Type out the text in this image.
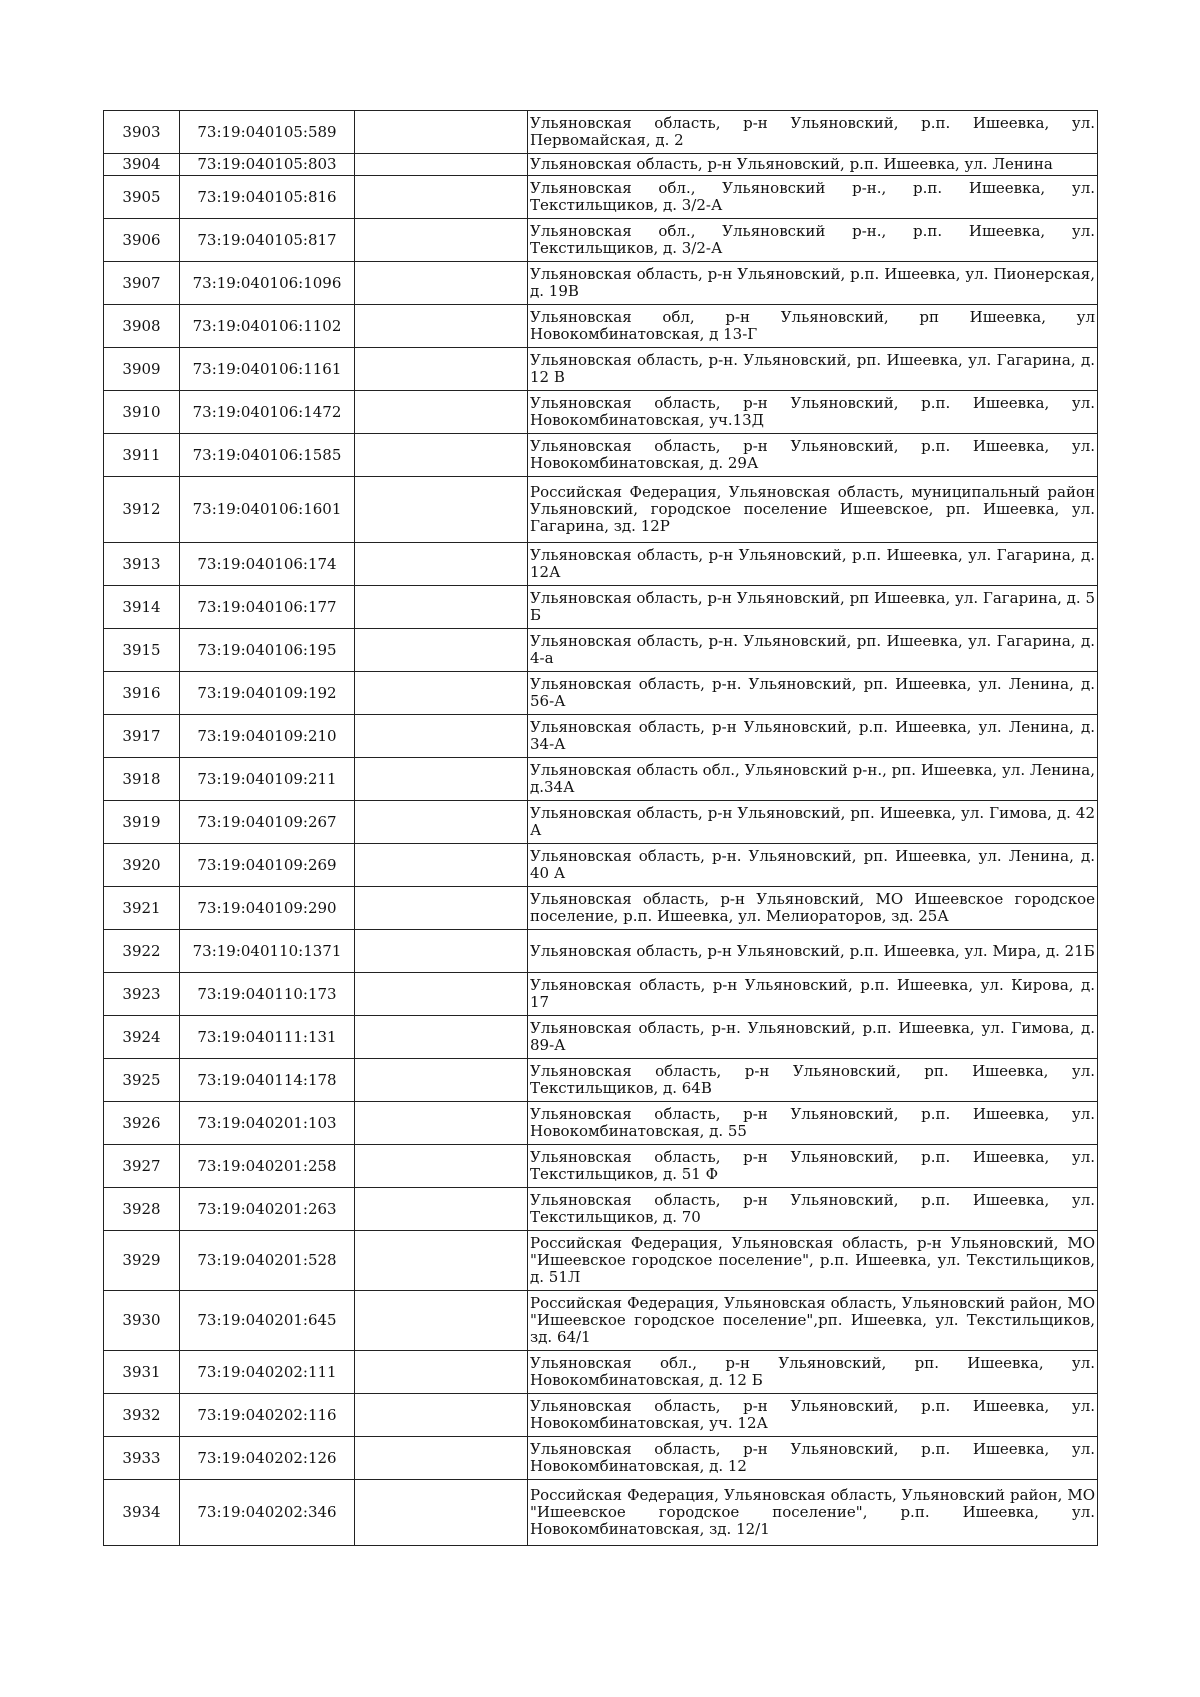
3903	73:19:040105:589		Ульяновская область, р-н Ульяновский, р.п. Ишеевка, ул. Первомайская, д. 2
3904	73:19:040105:803		Ульяновская область, р-н Ульяновский, р.п. Ишеевка, ул. Ленина
3905	73:19:040105:816		Ульяновская обл., Ульяновский р-н., р.п. Ишеевка, ул. Текстильщиков, д. 3/2-А
3906	73:19:040105:817		Ульяновская обл., Ульяновский р-н., р.п. Ишеевка, ул. Текстильщиков, д. 3/2-А
3907	73:19:040106:1096		Ульяновская область, р-н Ульяновский, р.п. Ишеевка, ул. Пионерская, д. 19В
3908	73:19:040106:1102		Ульяновская обл, р-н Ульяновский, рп Ишеевка, ул Новокомбинатовская, д 13-Г
3909	73:19:040106:1161		Ульяновская область, р-н. Ульяновский, рп. Ишеевка, ул. Гагарина, д. 12 В
3910	73:19:040106:1472		Ульяновская область, р-н Ульяновский, р.п. Ишеевка, ул. Новокомбинатовская, уч.13Д
3911	73:19:040106:1585		Ульяновская область, р-н Ульяновский, р.п. Ишеевка, ул. Новокомбинатовская, д. 29А
3912	73:19:040106:1601		Российская Федерация, Ульяновская область, муниципальный район Ульяновский, городское поселение Ишеевское, рп. Ишеевка, ул. Гагарина, зд. 12Р
3913	73:19:040106:174		Ульяновская область, р-н Ульяновский, р.п. Ишеевка, ул. Гагарина, д. 12А
3914	73:19:040106:177		Ульяновская область, р-н Ульяновский, рп Ишеевка, ул. Гагарина, д. 5 Б
3915	73:19:040106:195		Ульяновская область, р-н. Ульяновский, рп. Ишеевка, ул. Гагарина, д. 4-а
3916	73:19:040109:192		Ульяновская область, р-н. Ульяновский, рп. Ишеевка, ул. Ленина, д. 56-А
3917	73:19:040109:210		Ульяновская область, р-н Ульяновский, р.п. Ишеевка, ул. Ленина, д. 34-А
3918	73:19:040109:211		Ульяновская область обл., Ульяновский р-н., рп. Ишеевка, ул. Ленина, д.34А
3919	73:19:040109:267		Ульяновская область, р-н Ульяновский, рп. Ишеевка, ул. Гимова, д. 42 А
3920	73:19:040109:269		Ульяновская область, р-н. Ульяновский, рп. Ишеевка, ул. Ленина, д. 40 А
3921	73:19:040109:290		Ульяновская область, р-н Ульяновский, МО Ишеевское городское поселение, р.п. Ишеевка, ул. Мелиораторов, зд. 25А
3922	73:19:040110:1371		Ульяновская область, р-н Ульяновский, р.п. Ишеевка, ул. Мира, д. 21Б
3923	73:19:040110:173		Ульяновская область, р-н Ульяновский, р.п. Ишеевка, ул. Кирова, д. 17
3924	73:19:040111:131		Ульяновская область, р-н. Ульяновский, р.п. Ишеевка, ул. Гимова, д. 89-А
3925	73:19:040114:178		Ульяновская область, р-н Ульяновский, рп. Ишеевка, ул. Текстильщиков, д. 64В
3926	73:19:040201:103		Ульяновская область, р-н Ульяновский, р.п. Ишеевка, ул. Новокомбинатовская, д. 55
3927	73:19:040201:258		Ульяновская область, р-н Ульяновский, р.п. Ишеевка, ул. Текстильщиков, д. 51 Ф
3928	73:19:040201:263		Ульяновская область, р-н Ульяновский, р.п. Ишеевка, ул. Текстильщиков, д. 70
3929	73:19:040201:528		Российская Федерация, Ульяновская область, р-н Ульяновский, МО "Ишеевское городское поселение", р.п. Ишеевка, ул. Текстильщиков, д. 51Л
3930	73:19:040201:645		Российская Федерация, Ульяновская область, Ульяновский район, МО "Ишеевское городское поселение",рп. Ишеевка, ул. Текстильщиков, зд. 64/1
3931	73:19:040202:111		Ульяновская обл., р-н Ульяновский, рп. Ишеевка, ул. Новокомбинатовская, д. 12 Б
3932	73:19:040202:116		Ульяновская область, р-н Ульяновский, р.п. Ишеевка, ул. Новокомбинатовская, уч. 12А
3933	73:19:040202:126		Ульяновская область, р-н Ульяновский, р.п. Ишеевка, ул. Новокомбинатовская, д. 12
3934	73:19:040202:346		Российская Федерация, Ульяновская область, Ульяновский район, МО "Ишеевское городское поселение", р.п. Ишеевка, ул. Новокомбинатовская, зд. 12/1
